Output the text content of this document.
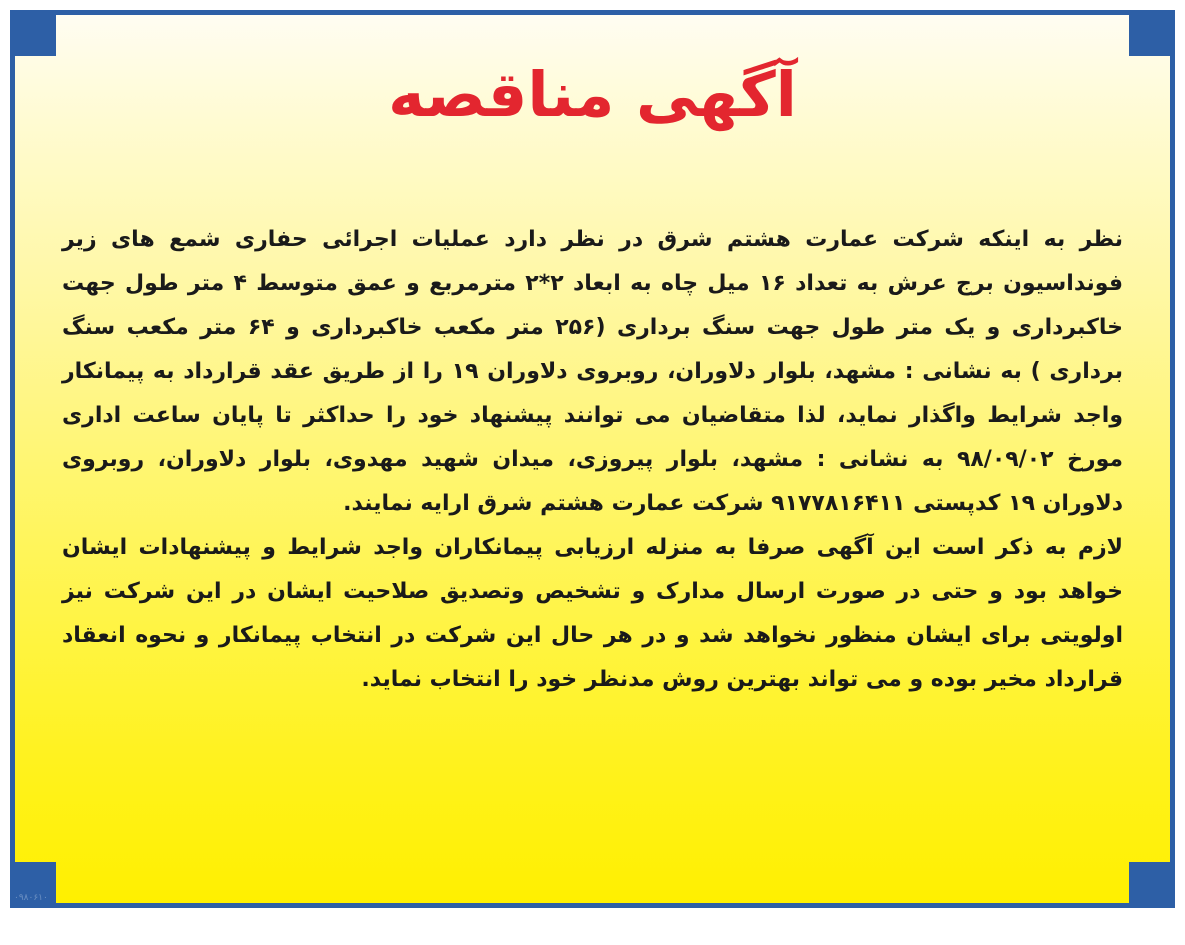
آگهی مناقصه

نظر به اینکه شرکت عمارت هشتم شرق در نظر دارد عملیات اجرائی حفاری شمع های زیر فونداسیون برج عرش به تعداد ۱۶ میل چاه به ابعاد ۲*۲ مترمربع و عمق متوسط ۴ متر طول جهت خاکبرداری و یک متر طول جهت سنگ برداری (۲۵۶ متر مکعب خاکبرداری و ۶۴ متر مکعب سنگ برداری ) به نشانی : مشهد، بلوار دلاوران، روبروی دلاوران ۱۹ را از طریق عقد قرارداد به پیمانکار واجد شرایط واگذار نماید، لذا متقاضیان می توانند پیشنهاد خود را حداکثر تا پایان ساعت اداری مورخ ۹۸/۰۹/۰۲ به نشانی : مشهد، بلوار پیروزی، میدان شهید مهدوی، بلوار دلاوران، روبروی دلاوران ۱۹ کدپستی ۹۱۷۷۸۱۶۴۱۱ شرکت عمارت هشتم شرق ارایه نمایند.

لازم به ذکر است این آگهی صرفا به منزله ارزیابی پیمانکاران واجد شرایط و پیشنهادات ایشان خواهد بود و حتی در صورت ارسال مدارک و تشخیص وتصدیق صلاحیت ایشان در این شرکت نیز اولویتی برای ایشان منظور نخواهد شد و در هر حال این شرکت در انتخاب پیمانکار و نحوه انعقاد قرارداد مخیر بوده و می تواند بهترین روش مدنظر خود را انتخاب نماید.

۰۹۸۰۶۱۰
